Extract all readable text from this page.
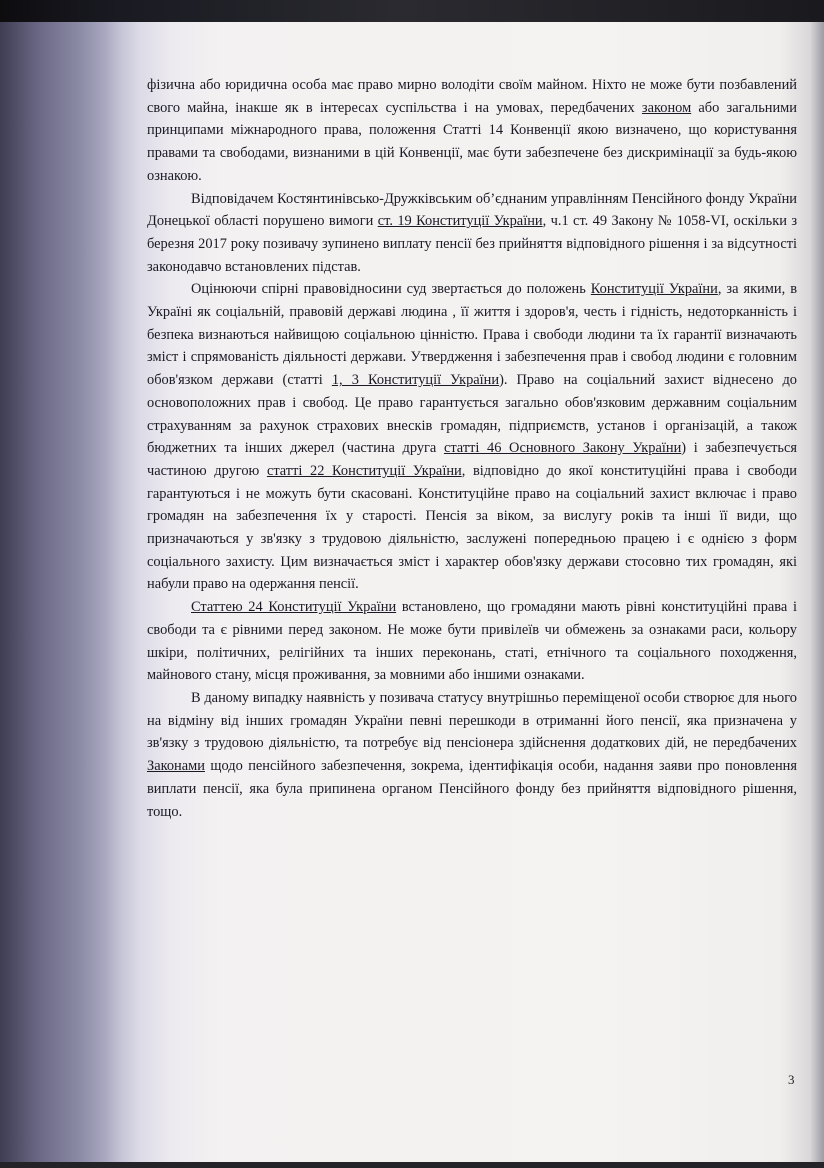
фізична або юридична особа має право мирно володіти своїм майном. Ніхто не може бути позбавлений свого майна, інакше як в інтересах суспільства і на умовах, передбачених законом або загальними принципами міжнародного права, положення Статті 14 Конвенції якою визначено, що користування правами та свободами, визнаними в цій Конвенції, має бути забезпечене без дискримінації за будь-якою ознакою.

Відповідачем Костянтинівсько-Дружківським об’єднаним управлінням Пенсійного фонду України Донецької області порушено вимоги ст. 19 Конституції України, ч.1 ст. 49 Закону № 1058-VI, оскільки з березня 2017 року позивачу зупинено виплату пенсії без прийняття відповідного рішення і за відсутності законодавчо встановлених підстав.

Оцінюючи спірні правовідносини суд звертається до положень Конституції України, за якими, в Україні як соціальній, правовій державі людина , її життя і здоров'я, честь і гідність, недоторканність і безпека визнаються найвищою соціальною цінністю. Права і свободи людини та їх гарантії визначають зміст і спрямованість діяльності держави. Утвердження і забезпечення прав і свобод людини є головним обов'язком держави (статті 1, 3 Конституції України). Право на соціальний захист віднесено до основоположних прав і свобод. Це право гарантується загально обов'язковим державним соціальним страхуванням за рахунок страхових внесків громадян, підприємств, установ і організацій, а також бюджетних та інших джерел (частина друга статті 46 Основного Закону України) і забезпечується частиною другою статті 22 Конституції України, відповідно до якої конституційні права і свободи гарантуються і не можуть бути скасовані. Конституційне право на соціальний захист включає і право громадян на забезпечення їх у старості. Пенсія за віком, за вислугу років та інші її види, що призначаються у зв'язку з трудовою діяльністю, заслужені попередньою працею і є однією з форм соціального захисту. Цим визначається зміст і характер обов'язку держави стосовно тих громадян, які набули право на одержання пенсії.

Статтею 24 Конституції України встановлено, що громадяни мають рівні конституційні права і свободи та є рівними перед законом. Не може бути привілеїв чи обмежень за ознаками раси, кольору шкіри, політичних, релігійних та інших переконань, статі, етнічного та соціального походження, майнового стану, місця проживання, за мовними або іншими ознаками.

В даному випадку наявність у позивача статусу внутрішньо переміщеної особи створює для нього на відміну від інших громадян України певні перешкоди в отриманні його пенсії, яка призначена у зв'язку з трудовою діяльністю, та потребує від пенсіонера здійснення додаткових дій, не передбачених Законами щодо пенсійного забезпечення, зокрема, ідентифікація особи, надання заяви про поновлення виплати пенсії, яка була припинена органом Пенсійного фонду без прийняття відповідного рішення, тощо.

3
